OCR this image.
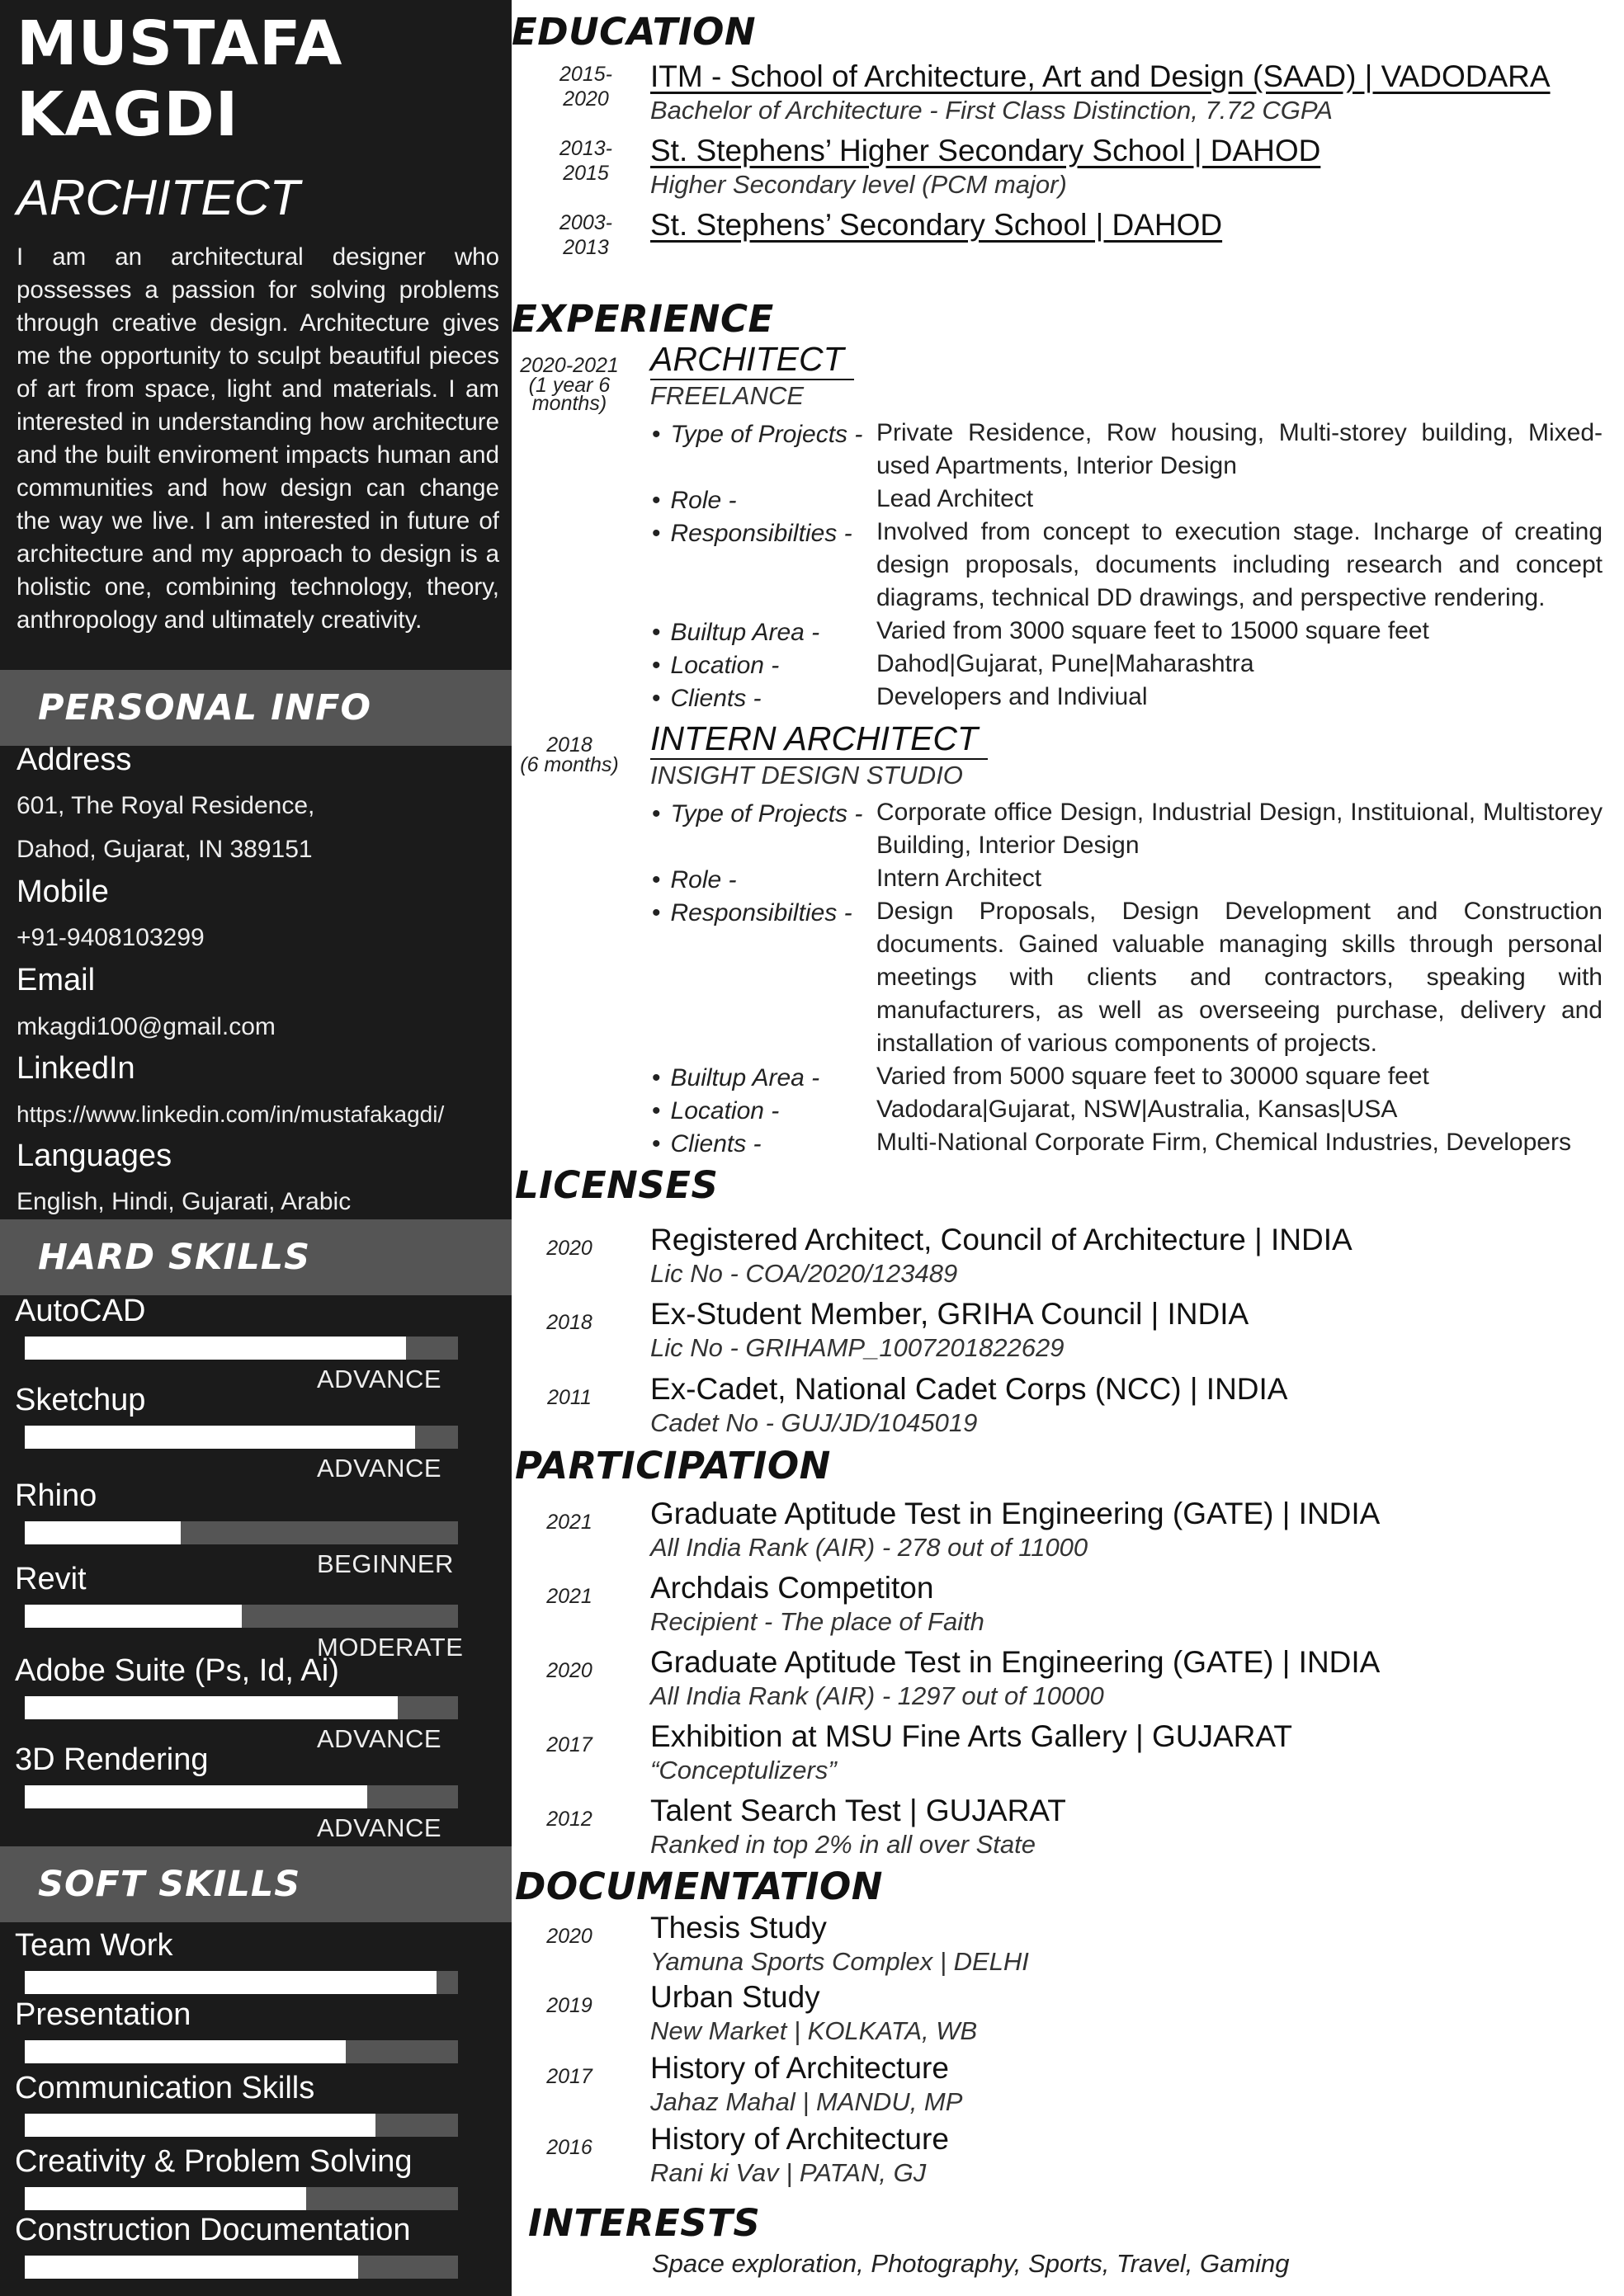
MUSTAFA KAGDI
ARCHITECT
I am an architectural designer who possesses a passion for solving problems through creative design. Architecture gives me the opportunity to sculpt beautiful pieces of art from space, light and materials. I am interested in understanding how architecture and the built enviroment impacts human and communities and how design can change the way we live. I am interested in future of architecture and my approach to design is a holistic one, combining technology, theory, anthropology and ultimately creativity.
PERSONAL INFO
Address
601, The Royal Residence,
Dahod, Gujarat, IN 389151
Mobile
+91-9408103299
Email
mkagdi100@gmail.com
LinkedIn
https://www.linkedin.com/in/mustafakagdi/
Languages
English, Hindi, Gujarati, Arabic
HARD SKILLS
AutoCAD
ADVANCE
Sketchup
ADVANCE
Rhino
BEGINNER
Revit
MODERATE
Adobe Suite (Ps, Id, Ai)
ADVANCE
3D Rendering
ADVANCE
SOFT SKILLS
Team Work
Presentation
Communication Skills
Creativity & Problem Solving
Construction Documentation
EDUCATION
2015-
2020
ITM - School of Architecture, Art and Design (SAAD) | VADODARA
Bachelor of Architecture - First Class Distinction, 7.72 CGPA
2013-
2015
St. Stephens’ Higher Secondary School | DAHOD
Higher Secondary level (PCM major)
2003-
2013
St. Stephens’ Secondary School | DAHOD
EXPERIENCE
2020-2021
(1 year 6
months)
ARCHITECT
FREELANCE
• Type of Projects - Private Residence, Row housing, Multi-storey building, Mixed-used Apartments, Interior Design
• Role -	Lead Architect
• Responsibilties - Involved from concept to execution stage. Incharge of creating design proposals, documents including research and concept diagrams, technical DD drawings, and perspective rendering.
• Builtup Area - Varied from 3000 square feet to 15000 square feet
• Location -	Dahod|Gujarat, Pune|Maharashtra
• Clients -	Developers and Indiviual
2018
(6 months)
INTERN ARCHITECT
INSIGHT DESIGN STUDIO
• Type of Projects - Corporate office Design, Industrial Design, Instituional, Multistorey Building, Interior Design
• Role -	Intern Architect
• Responsibilties - Design Proposals, Design Development and Construction documents. Gained valuable managing skills through personal meetings with clients and contractors, speaking with manufacturers, as well as overseeing purchase, delivery and installation of various components of projects.
• Builtup Area - Varied from 5000 square feet to 30000 square feet
• Location -	Vadodara|Gujarat, NSW|Australia, Kansas|USA
• Clients -	Multi-National Corporate Firm, Chemical Industries, Developers
LICENSES
2020	Registered Architect, Council of Architecture | INDIA
Lic No - COA/2020/123489
2018	Ex-Student Member, GRIHA Council | INDIA
Lic No - GRIHAMP_1007201822629
2011	Ex-Cadet, National Cadet Corps (NCC) | INDIA
Cadet No - GUJ/JD/1045019
PARTICIPATION
2021	Graduate Aptitude Test in Engineering (GATE) | INDIA
All India Rank (AIR) - 278 out of 11000
2021	Archdais Competiton
Recipient - The place of Faith
2020	Graduate Aptitude Test in Engineering (GATE) | INDIA
All India Rank (AIR) - 1297 out of 10000
2017	Exhibition at MSU Fine Arts Gallery | GUJARAT
“Conceptulizers”
2012	Talent Search Test | GUJARAT
Ranked in top 2% in all over State
DOCUMENTATION
2020	Thesis Study
Yamuna Sports Complex | DELHI
2019	Urban Study
New Market | KOLKATA, WB
2017	History of Architecture
Jahaz Mahal | MANDU, MP
2016	History of Architecture
Rani ki Vav | PATAN, GJ
INTERESTS
Space exploration, Photography, Sports, Travel, Gaming
